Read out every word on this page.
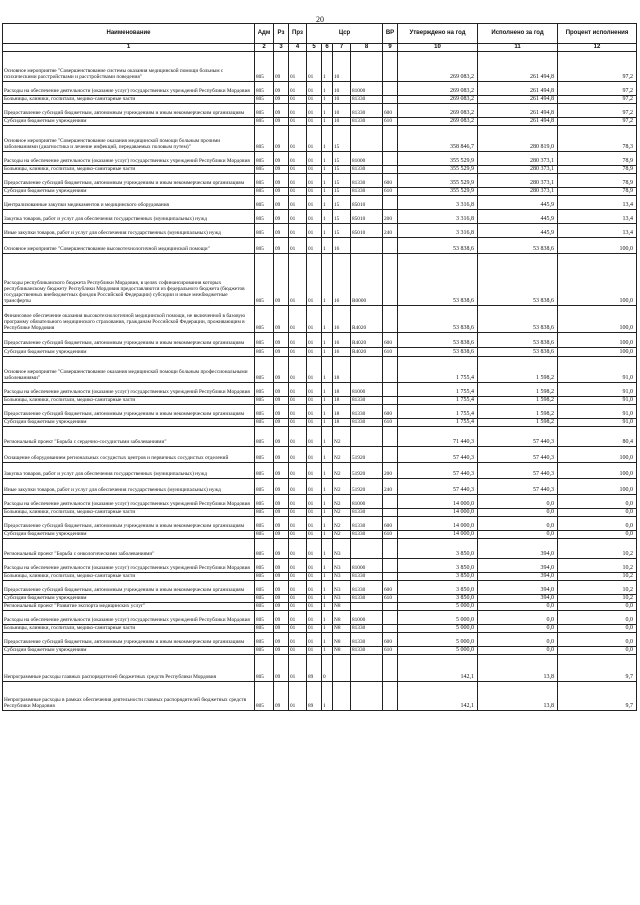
20
Наименование	Адм	Рз	Прз	Цср				ВР	Утверждено на год	Исполнено за год	Процент исполнения
1	2	3	4	5	6	7	8	9	10	11	12
Основное мероприятие "Совершенствование системы оказания медицинской помощи больным с психическими расстройствами и расстройствами поведения"	805	09	01	01	1	10			269 083,2	261 494,8	97,2
Расходы на обеспечение деятельности (оказание услуг) государственных учреждений Республики Мордовия	805	09	01	01	1	10	81000		269 083,2	261 494,8	97,2
Больницы, клиники, госпитали, медико-санитарные части	805	09	01	01	1	10	81330		269 083,2	261 494,8	97,2
Предоставление субсидий бюджетным, автономным учреждениям и иным некоммерческим организациям	805	09	01	01	1	10	81330	600	269 083,2	261 494,8	97,2
Субсидии бюджетным учреждениям	805	09	01	01	1	10	81330	610	269 083,2	261 494,8	97,2
Основное мероприятие "Совершенствование оказания медицинской помощи больным прочими заболеваниями (диагностика и лечение инфекций, передаваемых половым путем)"	805	09	01	01	1	15			358 846,7	280 819,0	78,3
Расходы на обеспечение деятельности (оказание услуг) государственных учреждений Республики Мордовия	805	09	01	01	1	15	81000		355 529,9	280 373,1	78,9
Больницы, клиники, госпитали, медико-санитарные части	805	09	01	01	1	15	81330		355 529,9	280 373,1	78,9
Предоставление субсидий бюджетным, автономным учреждениям и иным некоммерческим организациям	805	09	01	01	1	15	81330	600	355 529,9	280 373,1	78,9
Субсидии бюджетным учреждениям	805	09	01	01	1	15	81330	610	355 529,9	280 373,1	78,9
Централизованные закупки медикаментов и медицинского оборудования	805	09	01	01	1	15	85010		3 316,8	445,9	13,4
Закупка товаров, работ и услуг для обеспечения государственных (муниципальных) нужд	805	09	01	01	1	15	85010	200	3 316,8	445,9	13,4
Иные закупки товаров, работ и услуг для обеспечения государственных (муниципальных) нужд	805	09	01	01	1	15	85010	240	3 316,8	445,9	13,4
Основное мероприятие "Совершенствование высокотехнологичной медицинской помощи"	805	09	01	01	1	16			53 838,6	53 838,6	100,0
Расходы республиканского бюджета Республики Мордовия, в целях софинансирования которых республиканскому бюджету Республики Мордовия предоставляются из федерального бюджета (бюджетов государственных внебюджетных фондов Российской Федерации) субсидии и иные межбюджетные трансферты	805	09	01	01	1	16	R0000		53 838,6	53 838,6	100,0
Финансовое обеспечение оказания высокотехнологичной медицинской помощи, не включенной в базовую программу обязательного медицинского страхования, гражданам Российской Федерации, проживающим в Республике Мордовия	805	09	01	01	1	16	R4020		53 838,6	53 838,6	100,0
Предоставление субсидий бюджетным, автономным учреждениям и иным некоммерческим организациям	805	09	01	01	1	16	R4020	600	53 838,6	53 838,6	100,0
Субсидии бюджетным учреждениям	805	09	01	01	1	16	R4020	610	53 838,6	53 838,6	100,0
Основное мероприятие "Совершенствование оказания медицинской помощи больным профессиональными заболеваниями"	805	09	01	01	1	18			1 755,4	1 598,2	91,0
Расходы на обеспечение деятельности (оказание услуг) государственных учреждений Республики Мордовия	805	09	01	01	1	18	81000		1 755,4	1 598,2	91,0
Больницы, клиники, госпитали, медико-санитарные части	805	09	01	01	1	18	81330		1 755,4	1 598,2	91,0
Предоставление субсидий бюджетным, автономным учреждениям и иным некоммерческим организациям	805	09	01	01	1	18	81330	600	1 755,4	1 598,2	91,0
Субсидии бюджетным учреждениям	805	09	01	01	1	18	81330	610	1 755,4	1 598,2	91,0
Региональный проект "Борьба с сердечно-сосудистыми заболеваниями"	805	09	01	01	1	N2			71 440,3	57 440,3	80,4
Оснащение оборудованием региональных сосудистых центров и первичных сосудистых отделений	805	09	01	01	1	N2	51920		57 440,3	57 440,3	100,0
Закупка товаров, работ и услуг для обеспечения государственных (муниципальных) нужд	805	09	01	01	1	N2	51920	200	57 440,3	57 440,3	100,0
Иные закупки товаров, работ и услуг для обеспечения государственных (муниципальных) нужд	805	09	01	01	1	N2	51920	240	57 440,3	57 440,3	100,0
Расходы на обеспечение деятельности (оказание услуг) государственных учреждений Республики Мордовия	805	09	01	01	1	N2	81000		14 000,0	0,0	0,0
Больницы, клиники, госпитали, медико-санитарные части	805	09	01	01	1	N2	81330		14 000,0	0,0	0,0
Предоставление субсидий бюджетным, автономным учреждениям и иным некоммерческим организациям	805	09	01	01	1	N2	81330	600	14 000,0	0,0	0,0
Субсидии бюджетным учреждениям	805	09	01	01	1	N2	81330	610	14 000,0	0,0	0,0
Региональный проект "Борьба с онкологическими заболеваниями"	805	09	01	01	1	N3			3 850,0	394,0	10,2
Расходы на обеспечение деятельности (оказание услуг) государственных учреждений Республики Мордовия	805	09	01	01	1	N3	81000		3 850,0	394,0	10,2
Больницы, клиники, госпитали, медико-санитарные части	805	09	01	01	1	N3	81330		3 850,0	394,0	10,2
Предоставление субсидий бюджетным, автономным учреждениям и иным некоммерческим организациям	805	09	01	01	1	N3	81330	600	3 850,0	394,0	10,2
Субсидии бюджетным учреждениям	805	09	01	01	1	N3	81330	610	3 850,0	394,0	10,2
Региональный проект "Развитие экспорта медицинских услуг"	805	09	01	01	1	N8			5 000,0	0,0	0,0
Расходы на обеспечение деятельности (оказание услуг) государственных учреждений Республики Мордовия	805	09	01	01	1	N8	81000		5 000,0	0,0	0,0
Больницы, клиники, госпитали, медико-санитарные части	805	09	01	01	1	N8	81330		5 000,0	0,0	0,0
Предоставление субсидий бюджетным, автономным учреждениям и иным некоммерческим организациям	805	09	01	01	1	N8	81330	600	5 000,0	0,0	0,0
Субсидии бюджетным учреждениям	805	09	01	01	1	N8	81330	610	5 000,0	0,0	0,0
Непрограммные расходы главных распорядителей бюджетных средств Республики Мордовия	805	09	01	89	0				142,1	13,8	9,7
Непрограммные расходы в рамках обеспечения деятельности главных распорядителей бюджетных средств Республики Мордовия	805	09	01	89	1				142,1	13,8	9,7
